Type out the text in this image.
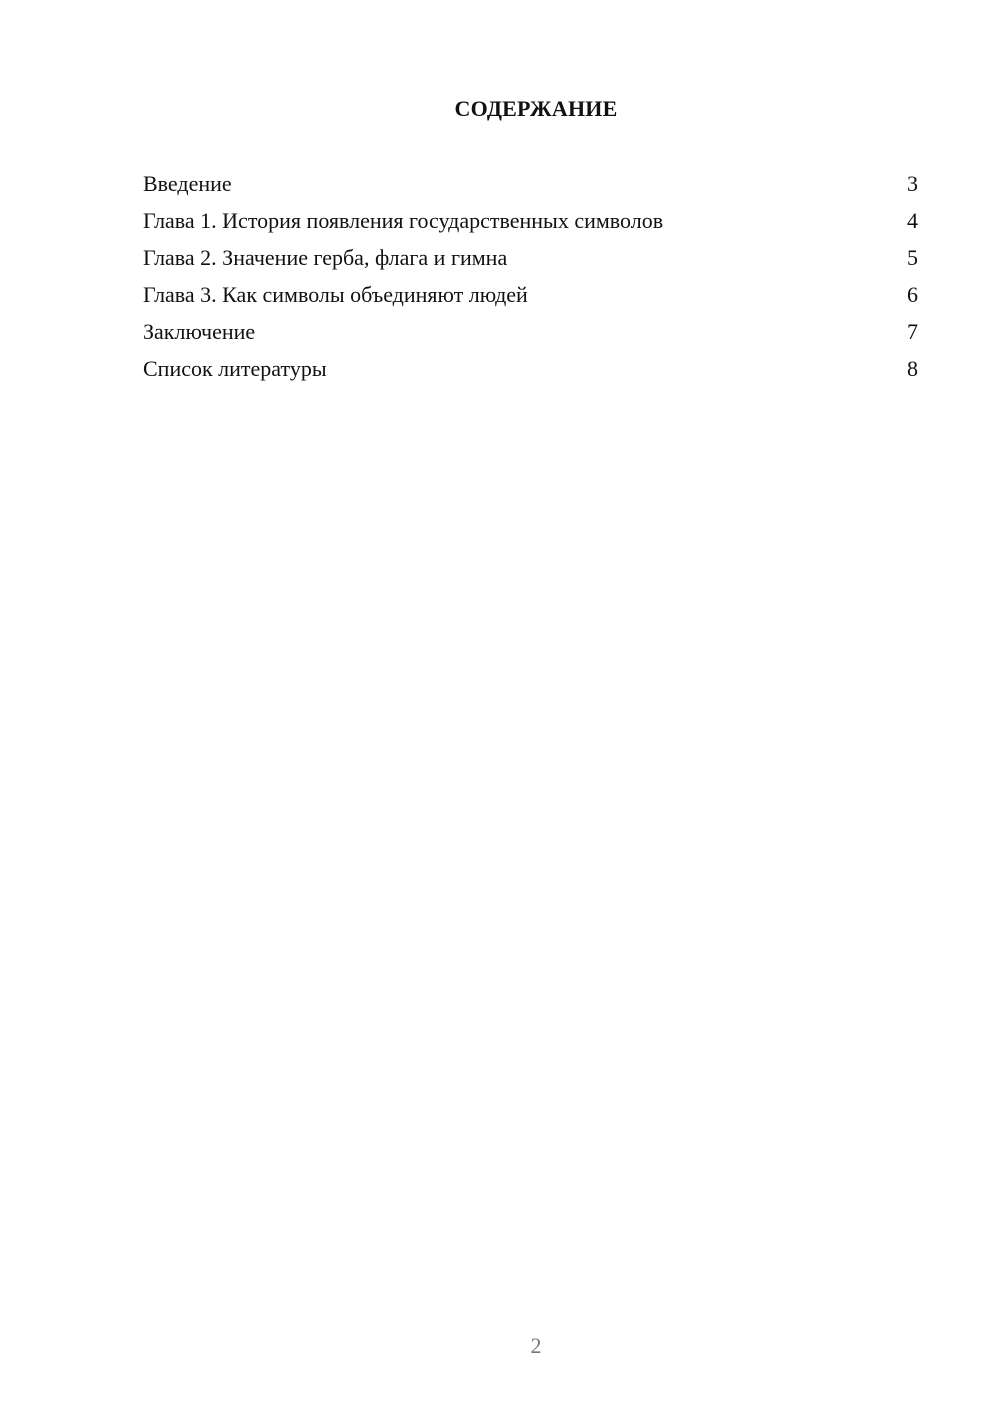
СОДЕРЖАНИЕ
Введение	3
Глава 1. История появления государственных символов	4
Глава 2. Значение герба, флага и гимна	5
Глава 3. Как символы объединяют людей	6
Заключение	7
Список литературы	8
2
